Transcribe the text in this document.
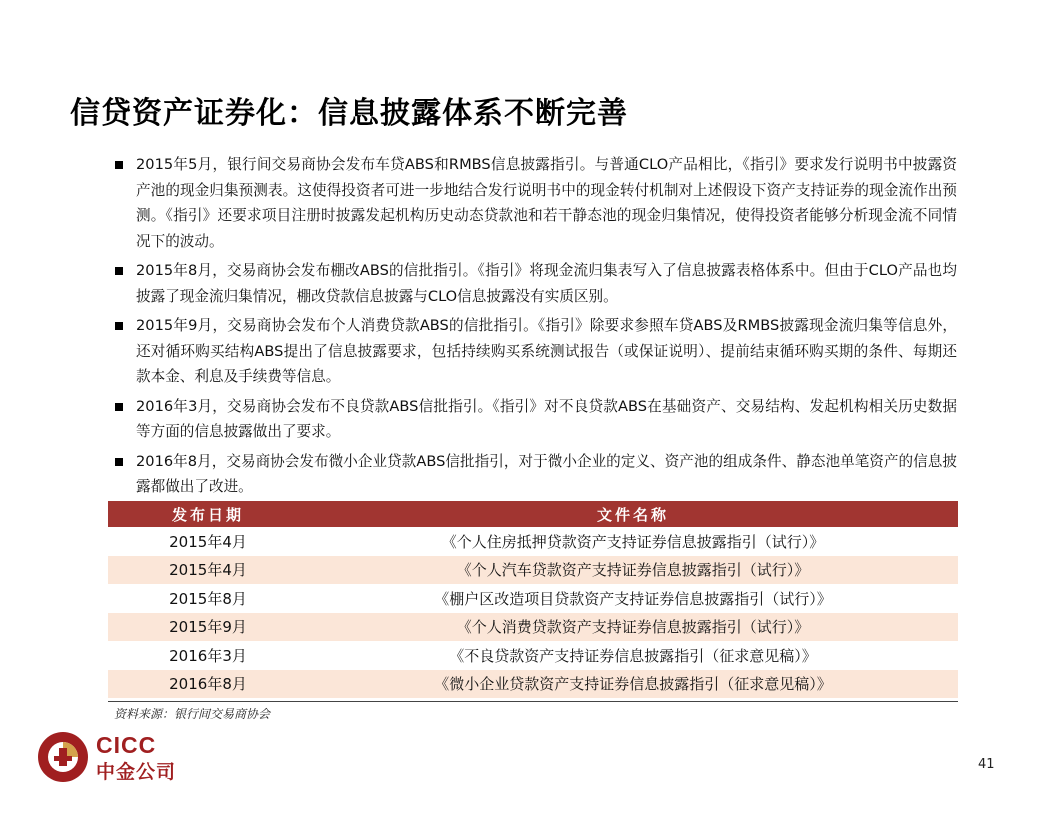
信贷资产证券化：信息披露体系不断完善
2015年5月，银行间交易商协会发布车贷ABS和RMBS信息披露指引。与普通CLO产品相比，《指引》要求发行说明书中披露资产池的现金归集预测表。这使得投资者可进一步地结合发行说明书中的现金转付机制对上述假设下资产支持证券的现金流作出预测。《指引》还要求项目注册时披露发起机构历史动态贷款池和若干静态池的现金归集情况，使得投资者能够分析现金流不同情况下的波动。
2015年8月，交易商协会发布棚改ABS的信批指引。《指引》将现金流归集表写入了信息披露表格体系中。但由于CLO产品也均披露了现金流归集情况，棚改贷款信息披露与CLO信息披露没有实质区别。
2015年9月，交易商协会发布个人消费贷款ABS的信批指引。《指引》除要求参照车贷ABS及RMBS披露现金流归集等信息外，还对循环购买结构ABS提出了信息披露要求，包括持续购买系统测试报告（或保证说明）、提前结束循环购买期的条件、每期还款本金、利息及手续费等信息。
2016年3月，交易商协会发布不良贷款ABS信批指引。《指引》对不良贷款ABS在基础资产、交易结构、发起机构相关历史数据等方面的信息披露做出了要求。
2016年8月，交易商协会发布微小企业贷款ABS信批指引，对于微小企业的定义、资产池的组成条件、静态池单笔资产的信息披露都做出了改进。
发布日期	文件名称
2015年4月	《个人住房抵押贷款资产支持证券信息披露指引（试行）》
2015年4月	《个人汽车贷款资产支持证券信息披露指引（试行）》
2015年8月	《棚户区改造项目贷款资产支持证券信息披露指引（试行）》
2015年9月	《个人消费贷款资产支持证券信息披露指引（试行）》
2016年3月	《不良贷款资产支持证券信息披露指引（征求意见稿）》
2016年8月	《微小企业贷款资产支持证券信息披露指引（征求意见稿）》
资料来源：银行间交易商协会
CICC
中金公司	41
